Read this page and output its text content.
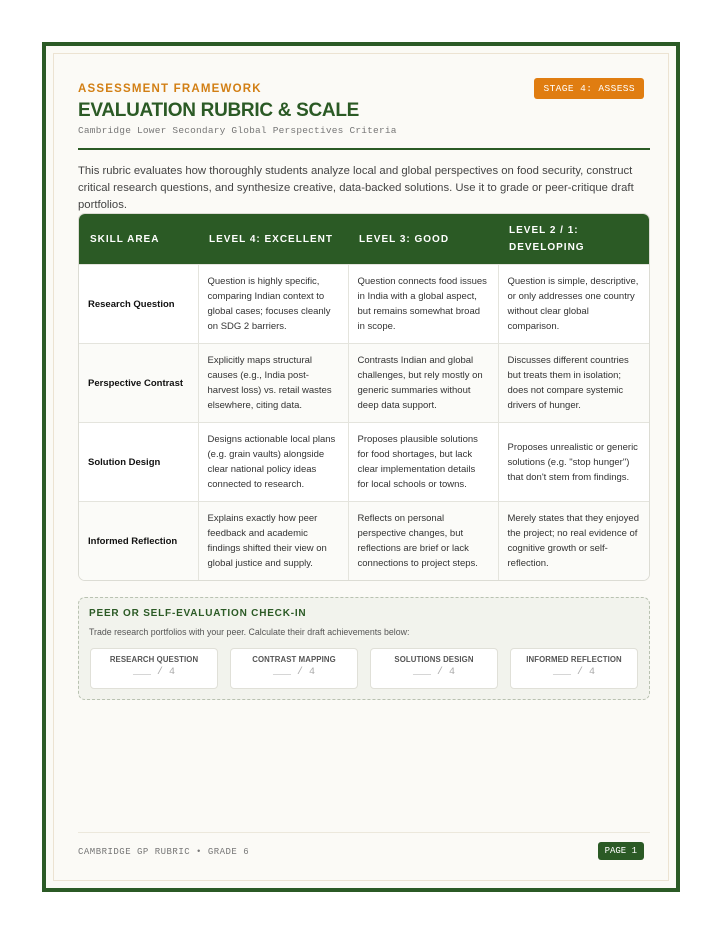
ASSESSMENT FRAMEWORK	STAGE 4: ASSESS
EVALUATION RUBRIC & SCALE
Cambridge Lower Secondary Global Perspectives Criteria

This rubric evaluates how thoroughly students analyze local and global perspectives on food security, construct critical research questions, and synthesize creative, data-backed solutions. Use it to grade or peer-critique draft portfolios.

SKILL AREA	LEVEL 4: EXCELLENT	LEVEL 3: GOOD	LEVEL 2 / 1: DEVELOPING
Research Question	Question is highly specific, comparing Indian context to global cases; focuses cleanly on SDG 2 barriers.	Question connects food issues in India with a global aspect, but remains somewhat broad in scope.	Question is simple, descriptive, or only addresses one country without clear global comparison.
Perspective Contrast	Explicitly maps structural causes (e.g., India post-harvest loss) vs. retail wastes elsewhere, citing data.	Contrasts Indian and global challenges, but rely mostly on generic summaries without deep data support.	Discusses different countries but treats them in isolation; does not compare systemic drivers of hunger.
Solution Design	Designs actionable local plans (e.g. grain vaults) alongside clear national policy ideas connected to research.	Proposes plausible solutions for food shortages, but lack clear implementation details for local schools or towns.	Proposes unrealistic or generic solutions (e.g. "stop hunger") that don't stem from findings.
Informed Reflection	Explains exactly how peer feedback and academic findings shifted their view on global justice and supply.	Reflects on personal perspective changes, but reflections are brief or lack connections to project steps.	Merely states that they enjoyed the project; no real evidence of cognitive growth or self-reflection.
PEER OR SELF-EVALUATION CHECK-IN
Trade research portfolios with your peer. Calculate their draft achievements below:
RESEARCH QUESTION
___ / 4
CONTRAST MAPPING
___ / 4
SOLUTIONS DESIGN
___ / 4
INFORMED REFLECTION
___ / 4
CAMBRIDGE GP RUBRIC • GRADE 6	PAGE 1
